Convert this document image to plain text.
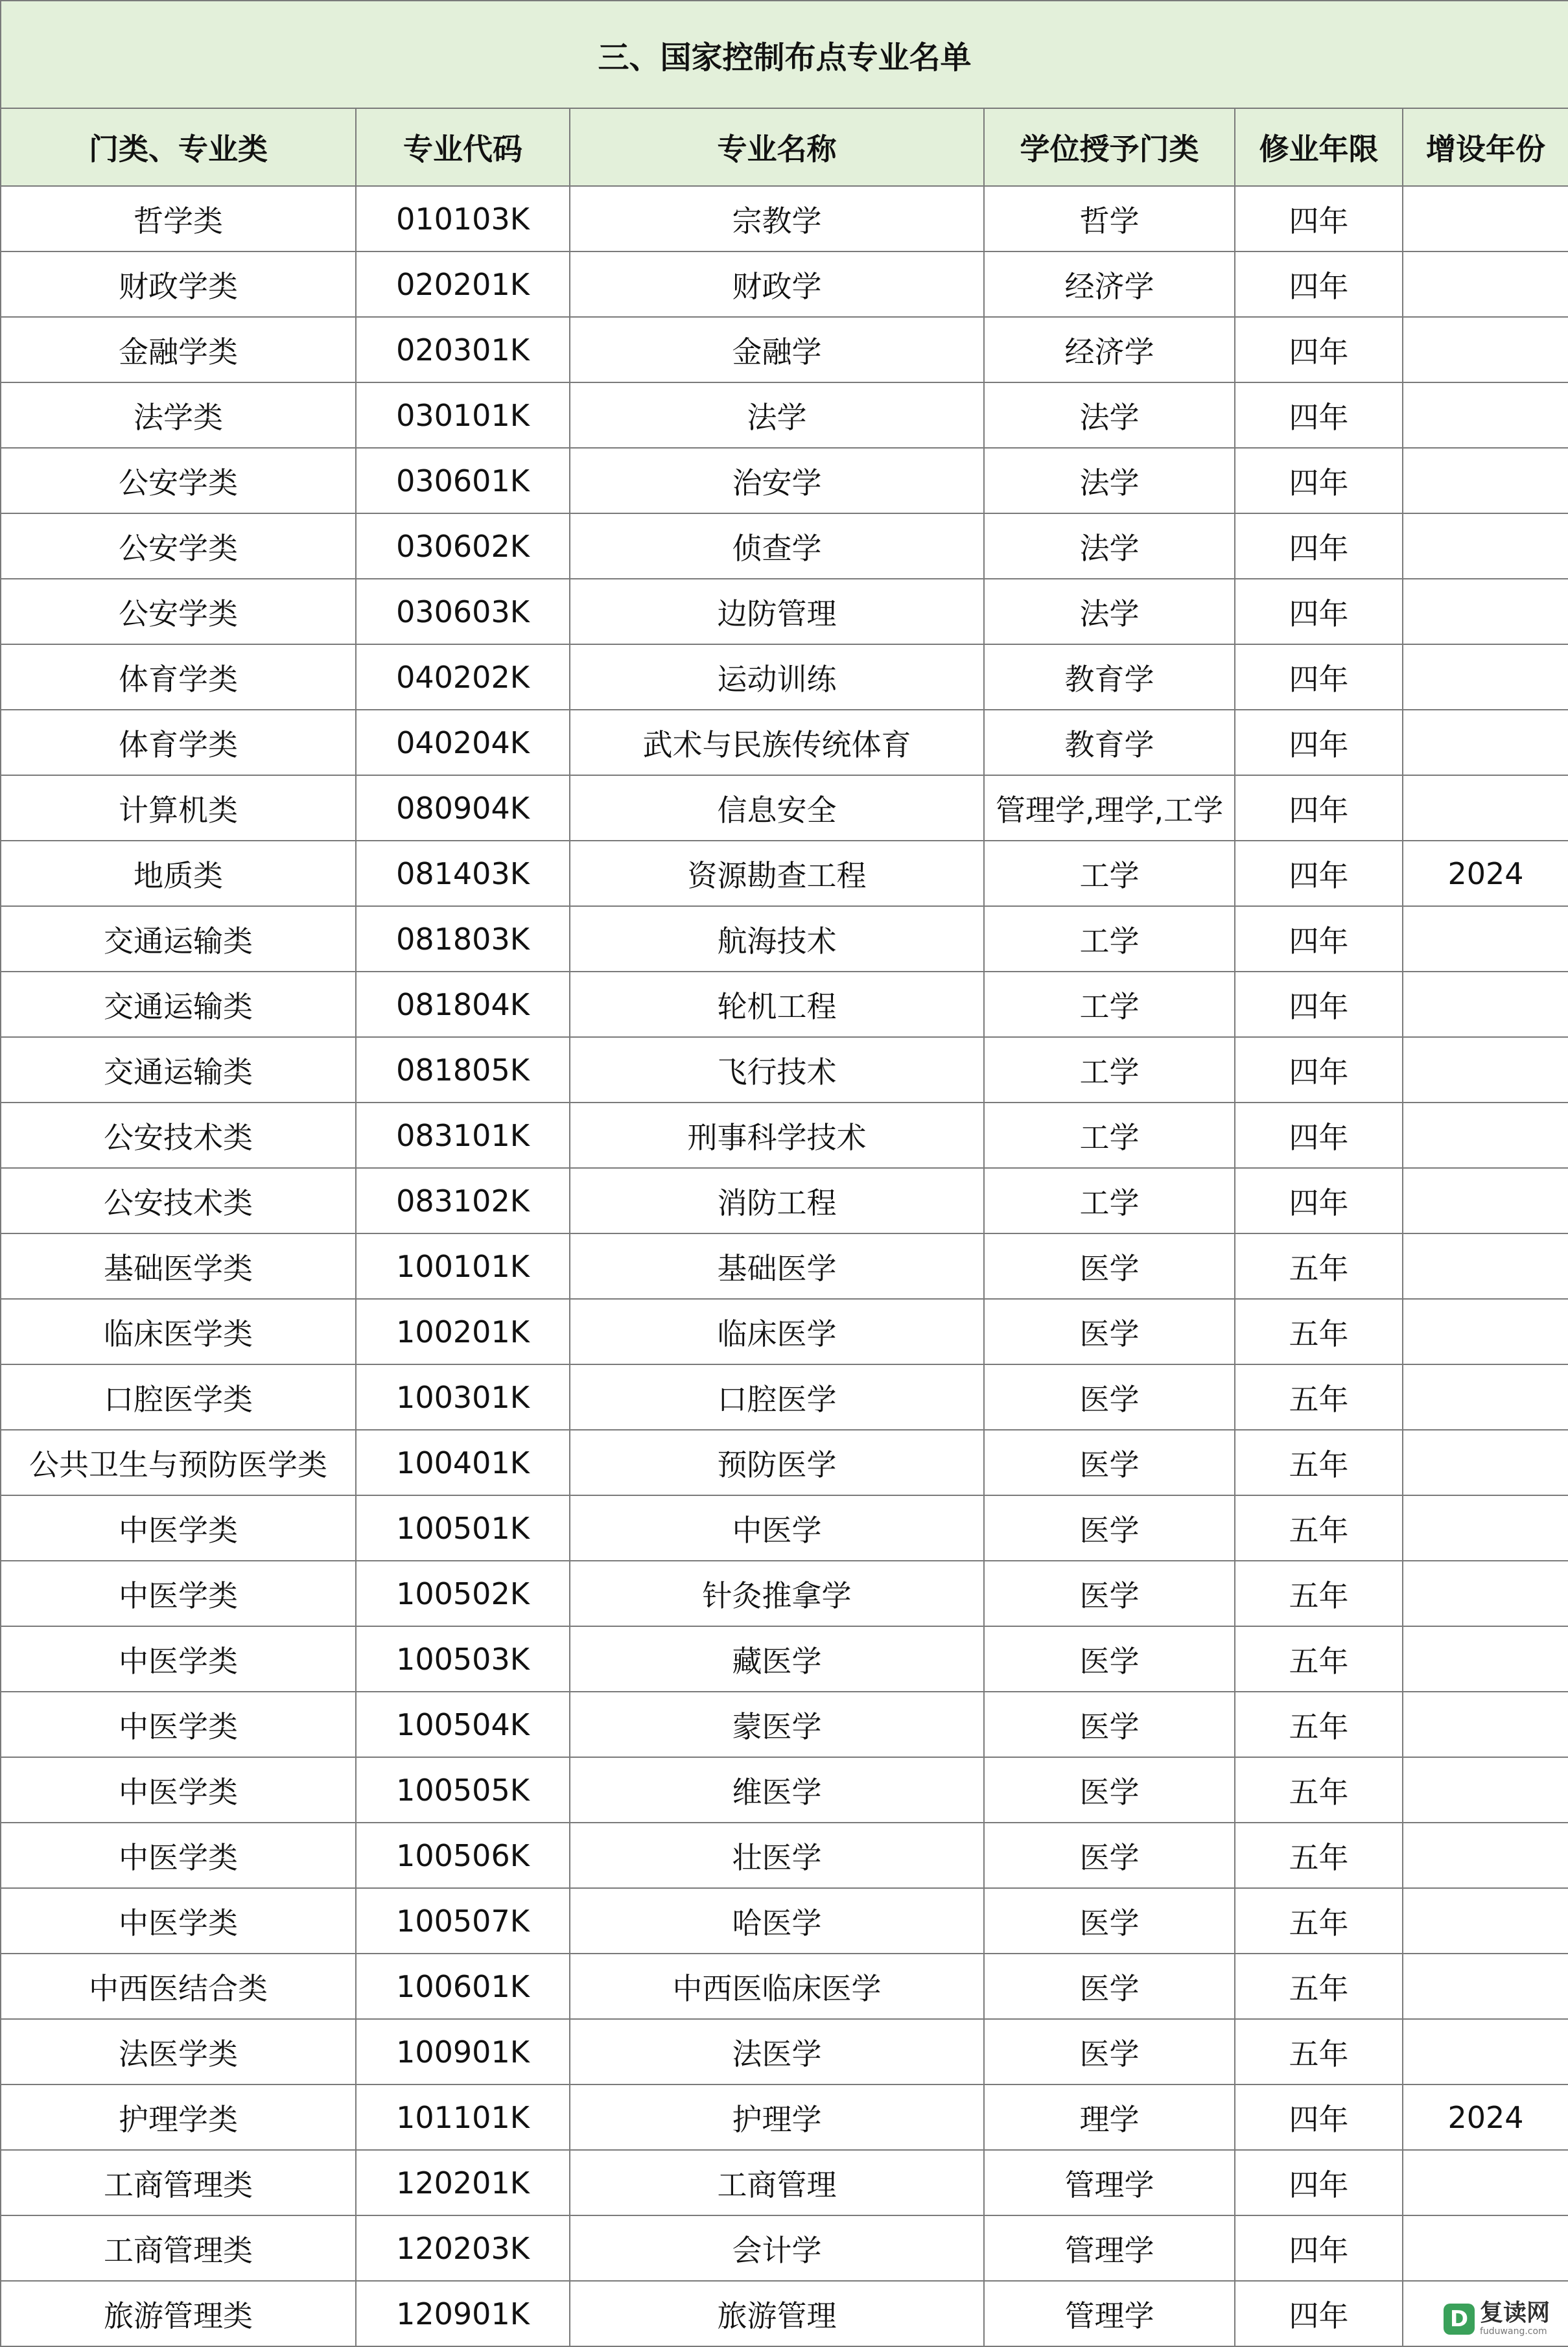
三、国家控制布点专业名单					
门类、专业类	专业代码	专业名称	学位授予门类	修业年限	增设年份
哲学类	010103K	宗教学	哲学	四年	
财政学类	020201K	财政学	经济学	四年	
金融学类	020301K	金融学	经济学	四年	
法学类	030101K	法学	法学	四年	
公安学类	030601K	治安学	法学	四年	
公安学类	030602K	侦查学	法学	四年	
公安学类	030603K	边防管理	法学	四年	
体育学类	040202K	运动训练	教育学	四年	
体育学类	040204K	武术与民族传统体育	教育学	四年	
计算机类	080904K	信息安全	管理学,理学,工学	四年	
地质类	081403K	资源勘查工程	工学	四年	2024
交通运输类	081803K	航海技术	工学	四年	
交通运输类	081804K	轮机工程	工学	四年	
交通运输类	081805K	飞行技术	工学	四年	
公安技术类	083101K	刑事科学技术	工学	四年	
公安技术类	083102K	消防工程	工学	四年	
基础医学类	100101K	基础医学	医学	五年	
临床医学类	100201K	临床医学	医学	五年	
口腔医学类	100301K	口腔医学	医学	五年	
公共卫生与预防医学类	100401K	预防医学	医学	五年	
中医学类	100501K	中医学	医学	五年	
中医学类	100502K	针灸推拿学	医学	五年	
中医学类	100503K	藏医学	医学	五年	
中医学类	100504K	蒙医学	医学	五年	
中医学类	100505K	维医学	医学	五年	
中医学类	100506K	壮医学	医学	五年	
中医学类	100507K	哈医学	医学	五年	
中西医结合类	100601K	中西医临床医学	医学	五年	
法医学类	100901K	法医学	医学	五年	
护理学类	101101K	护理学	理学	四年	2024
工商管理类	120201K	工商管理	管理学	四年	
工商管理类	120203K	会计学	管理学	四年	
旅游管理类	120901K	旅游管理	管理学	四年		D 复读网
fuduwang.com
